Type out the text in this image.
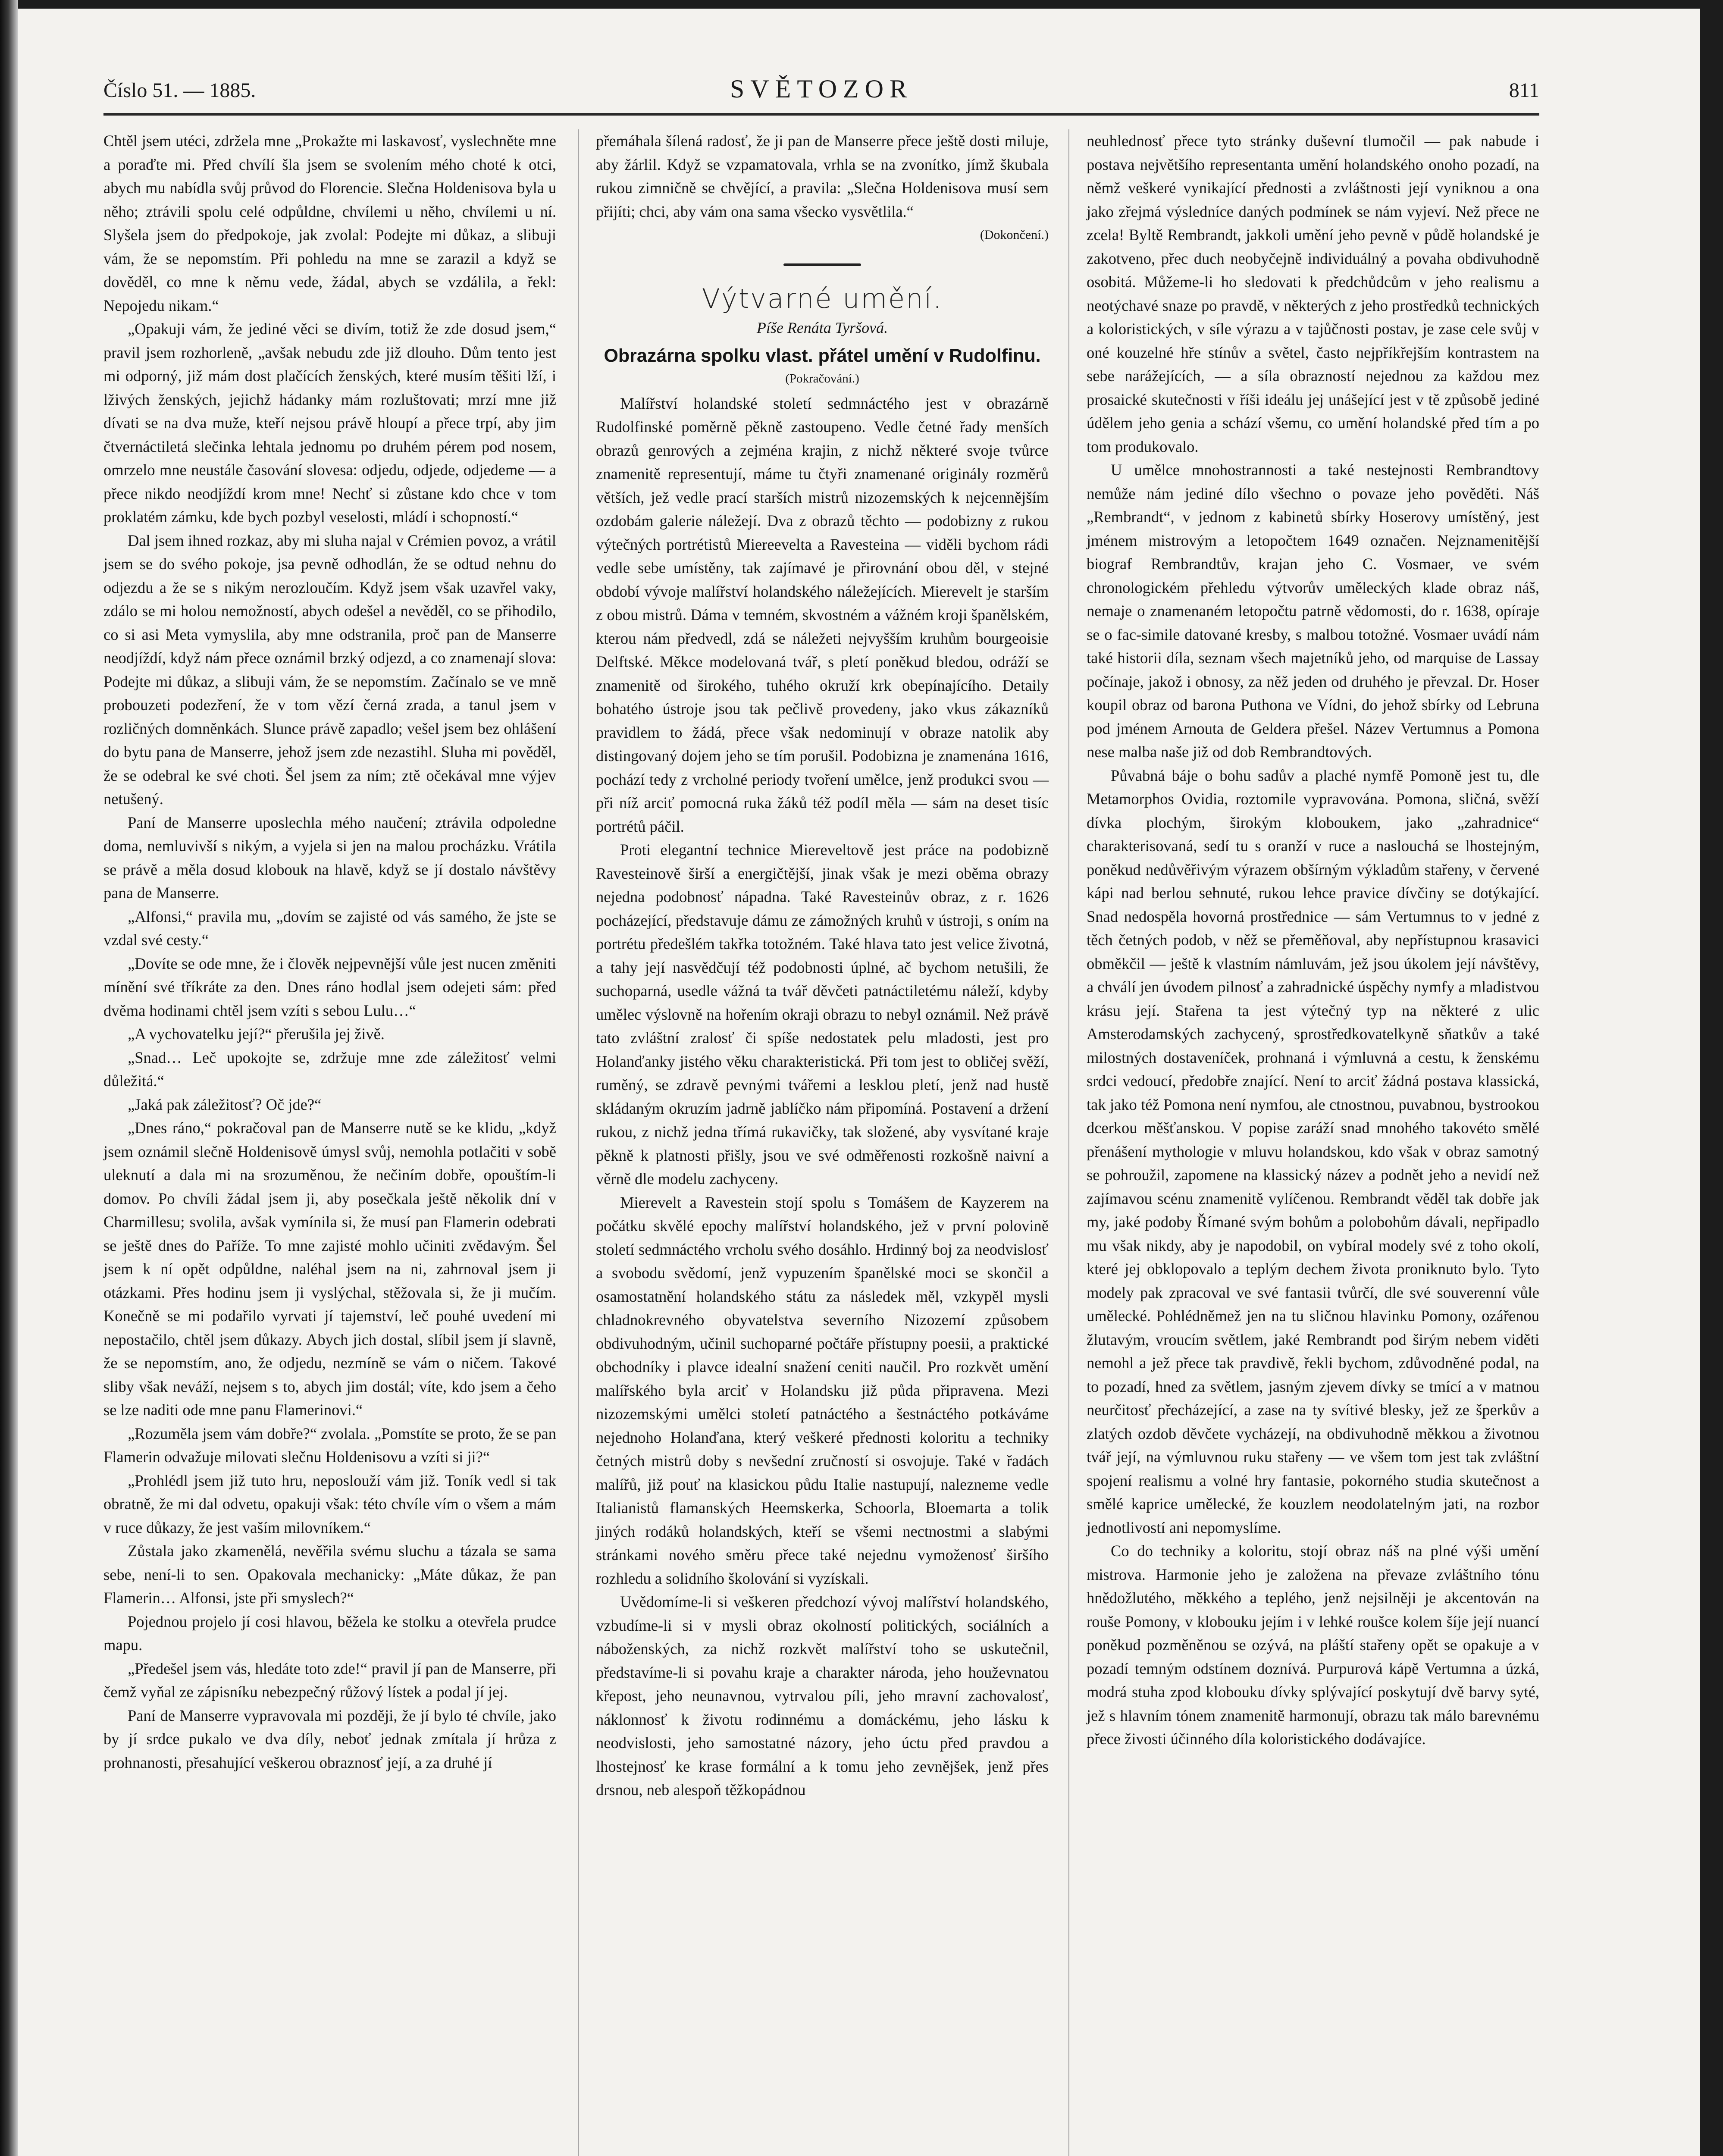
Číslo 51. — 1885.	SVĚTOZOR	811

Chtěl jsem utéci, zdržela mne „Prokažte mi laskavosť, vyslechněte mne a poraďte mi. Před chvílí šla jsem se svolením mého choté k otci, abych mu nabídla svůj průvod do Florencie. Slečna Holdenisova byla u něho; ztrávili spolu celé odpůldne, chvílemi u něho, chvílemi u ní. Slyšela jsem do předpokoje, jak zvolal: Podejte mi důkaz, a slibuji vám, že se nepomstím. Při pohledu na mne se zarazil a když se dověděl, co mne k němu vede, žádal, abych se vzdálila, a řekl: Nepojedu nikam.“

„Opakuji vám, že jediné věci se divím, totiž že zde dosud jsem,“ pravil jsem rozhorleně, „avšak nebudu zde již dlouho. Dům tento jest mi odporný, již mám dost plačících ženských, které musím těšiti lží, i lživých ženských, jejichž hádanky mám rozluštovati; mrzí mne již dívati se na dva muže, kteří nejsou právě hloupí a přece trpí, aby jim čtvernáctiletá slečinka lehtala jednomu po druhém pérem pod nosem, omrzelo mne neustále časování slovesa: odjedu, odjede, odjedeme — a přece nikdo neodjíždí krom mne! Nechť si zůstane kdo chce v tom proklatém zámku, kde bych pozbyl veselosti, mládí i schopností.“

Dal jsem ihned rozkaz, aby mi sluha najal v Crémien povoz, a vrátil jsem se do svého pokoje, jsa pevně odhodlán, že se odtud nehnu do odjezdu a že se s nikým nerozloučím. Když jsem však uzavřel vaky, zdálo se mi holou nemožností, abych odešel a nevěděl, co se přihodilo, co si asi Meta vymyslila, aby mne odstranila, proč pan de Manserre neodjíždí, když nám přece oznámil brzký odjezd, a co znamenají slova: Podejte mi důkaz, a slibuji vám, že se nepomstím. Začínalo se ve mně probouzeti podezření, že v tom vězí černá zrada, a tanul jsem v rozličných domněnkách. Slunce právě zapadlo; vešel jsem bez ohlášení do bytu pana de Manserre, jehož jsem zde nezastihl. Sluha mi pověděl, že se odebral ke své choti. Šel jsem za ním; ztě očekával mne výjev netušený.

Paní de Manserre uposlechla mého naučení; ztrávila odpoledne doma, nemluvivší s nikým, a vyjela si jen na malou procházku. Vrátila se právě a měla dosud klobouk na hlavě, když se jí dostalo návštěvy pana de Manserre.

„Alfonsi,“ pravila mu, „dovím se zajisté od vás samého, že jste se vzdal své cesty.“

„Dovíte se ode mne, že i člověk nejpevnější vůle jest nucen změniti mínění své tříkráte za den. Dnes ráno hodlal jsem odejeti sám: před dvěma hodinami chtěl jsem vzíti s sebou Lulu…“

„A vychovatelku její?“ přerušila jej živě.

„Snad… Leč upokojte se, zdržuje mne zde záležitosť velmi důležitá.“

„Jaká pak záležitosť? Oč jde?“

„Dnes ráno,“ pokračoval pan de Manserre nutě se ke klidu, „když jsem oznámil slečně Holdenisově úmysl svůj, nemohla potlačiti v sobě uleknutí a dala mi na srozuměnou, že nečiním dobře, opouštím-li domov. Po chvíli žádal jsem ji, aby posečkala ještě několik dní v Charmillesu; svolila, avšak vymínila si, že musí pan Flamerin odebrati se ještě dnes do Paříže. To mne zajisté mohlo učiniti zvědavým. Šel jsem k ní opět odpůldne, naléhal jsem na ni, zahrnoval jsem ji otázkami. Přes hodinu jsem ji vyslýchal, stěžovala si, že ji mučím. Konečně se mi podařilo vyrvati jí tajemství, leč pouhé uvedení mi nepostačilo, chtěl jsem důkazy. Abych jich dostal, slíbil jsem jí slavně, že se nepomstím, ano, že odjedu, nezmíně se vám o ničem. Takové sliby však neváží, nejsem s to, abych jim dostál; víte, kdo jsem a čeho se lze naditi ode mne panu Flamerinovi.“

„Rozuměla jsem vám dobře?“ zvolala. „Pomstíte se proto, že se pan Flamerin odvažuje milovati slečnu Holdenisovu a vzíti si ji?“

„Prohlédl jsem již tuto hru, neposlouží vám již. Toník vedl si tak obratně, že mi dal odvetu, opakuji však: této chvíle vím o všem a mám v ruce důkazy, že jest vaším milovníkem.“

Zůstala jako zkamenělá, nevěřila svému sluchu a tázala se sama sebe, není-li to sen. Opakovala mechanicky: „Máte důkaz, že pan Flamerin… Alfonsi, jste při smyslech?“

Pojednou projelo jí cosi hlavou, běžela ke stolku a otevřela prudce mapu.

„Předešel jsem vás, hledáte toto zde!“ pravil jí pan de Manserre, při čemž vyňal ze zápisníku nebezpečný růžový lístek a podal jí jej.

Paní de Manserre vypravovala mi později, že jí bylo té chvíle, jako by jí srdce pukalo ve dva díly, neboť jednak zmítala jí hrůza z prohnanosti, přesahující veškerou obraznosť její, a za druhé jí

přemáhala šílená radosť, že ji pan de Manserre přece ještě dosti miluje, aby žárlil. Když se vzpamatovala, vrhla se na zvonítko, jímž škubala rukou zimničně se chvějící, a pravila: „Slečna Holdenisova musí sem přijíti; chci, aby vám ona sama všecko vysvětlila.“

(Dokončení.)
Výtvarné umění.
Píše Renáta Tyršová.
Obrazárna spolku vlast. přátel umění v Rudolfinu.
(Pokračování.)

Malířství holandské století sedmnáctého jest v obrazárně Rudolfinské poměrně pěkně zastoupeno. Vedle četné řady menších obrazů genrových a zejména krajin, z nichž některé svoje tvůrce znamenitě representují, máme tu čtyři znamenané originály rozměrů větších, jež vedle prací starších mistrů nizozemských k nejcennějším ozdobám galerie náležejí. Dva z obrazů těchto — podobizny z rukou výtečných portrétistů Miereevelta a Ravesteina — viděli bychom rádi vedle sebe umístěny, tak zajímavé je přirovnání obou děl, v stejné období vývoje malířství holandského náležejících. Mierevelt je starším z obou mistrů. Dáma v temném, skvostném a vážném kroji španělském, kterou nám předvedl, zdá se náležeti nejvyšším kruhům bourgeoisie Delftské. Měkce modelovaná tvář, s pletí poněkud bledou, odráží se znamenitě od širokého, tuhého okruží krk obepínajícího. Detaily bohatého ústroje jsou tak pečlivě provedeny, jako vkus zákazníků pravidlem to žádá, přece však nedominují v obraze natolik aby distingovaný dojem jeho se tím porušil. Podobizna je znamenána 1616, pochází tedy z vrcholné periody tvoření umělce, jenž produkci svou — při níž arciť pomocná ruka žáků též podíl měla — sám na deset tisíc portrétů páčil.

Proti elegantní technice Miereveltově jest práce na podobizně Ravesteinově širší a energičtější, jinak však je mezi oběma obrazy nejedna podobnosť nápadna. Také Ravesteinův obraz, z r. 1626 pocházející, představuje dámu ze zámožných kruhů v ústroji, s oním na portrétu předešlém takřka totožném. Také hlava tato jest velice životná, a tahy její nasvědčují též podobnosti úplné, ač bychom netušili, že suchoparná, usedle vážná ta tvář děvčeti patnáctiletému náleží, kdyby umělec výslovně na hořením okraji obrazu to nebyl oznámil. Než právě tato zvláštní zralosť či spíše nedostatek pelu mladosti, jest pro Holanďanky jistého věku charakteristická. Při tom jest to obličej svěží, ruměný, se zdravě pevnými tvářemi a lesklou pletí, jenž nad hustě skládaným okruzím jadrně jablíčko nám připomíná. Postavení a držení rukou, z nichž jedna třímá rukavičky, tak složené, aby vysvítané kraje pěkně k platnosti přišly, jsou ve své odměřenosti rozkošně naivní a věrně dle modelu zachyceny.

Mierevelt a Ravestein stojí spolu s Tomášem de Kayzerem na počátku skvělé epochy malířství holandského, jež v první polovině století sedmnáctého vrcholu svého dosáhlo. Hrdinný boj za neodvislosť a svobodu svědomí, jenž vypuzením španělské moci se skončil a osamostatnění holandského státu za následek měl, vzkypěl mysli chladnokrevného obyvatelstva severního Nizozemí způsobem obdivuhodným, učinil suchoparné počtáře přístupny poesii, a praktické obchodníky i plavce idealní snažení ceniti naučil. Pro rozkvět umění malířského byla arciť v Holandsku již půda připravena. Mezi nizozemskými umělci století patnáctého a šestnáctého potkáváme nejednoho Holanďana, který veškeré přednosti koloritu a techniky četných mistrů doby s nevšední zručností si osvojuje. Také v řadách malířů, již pouť na klasickou půdu Italie nastupují, nalezneme vedle Italianistů flamanských Heemskerka, Schoorla, Bloemarta a tolik jiných rodáků holandských, kteří se všemi nectnostmi a slabými stránkami nového směru přece také nejednu vymoženosť širšího rozhledu a solidního školování si vyzískali.

Uvědomíme-li si veškeren předchozí vývoj malířství holandského, vzbudíme-li si v mysli obraz okolností politických, sociálních a náboženských, za nichž rozkvět malířství toho se uskutečnil, představíme-li si povahu kraje a charakter národa, jeho houževnatou křepost, jeho neunavnou, vytrvalou píli, jeho mravní zachovalosť, náklonnosť k životu rodinnému a domáckému, jeho lásku k neodvislosti, jeho samostatné názory, jeho úctu před pravdou a lhostejnosť ke krase formální a k tomu jeho zevnějšek, jenž přes drsnou, neb alespoň těžkopádnou

neuhlednosť přece tyto stránky duševní tlumočil — pak nabude i postava největšího representanta umění holandského onoho pozadí, na němž veškeré vynikající přednosti a zvláštnosti její vyniknou a ona jako zřejmá výsledníce daných podmínek se nám vyjeví. Než přece ne zcela! Byltě Rembrandt, jakkoli umění jeho pevně v půdě holandské je zakotveno, přec duch neobyčejně individuálný a povaha obdivuhodně osobitá. Můžeme-li ho sledovati k předchůdcům v jeho realismu a neotýchavé snaze po pravdě, v některých z jeho prostředků technických a koloristických, v síle výrazu a v tajůčnosti postav, je zase cele svůj v oné kouzelné hře stínův a světel, často nejpříkřejším kontrastem na sebe narážejících, — a síla obrazností nejednou za každou mez prosaické skutečnosti v říši ideálu jej unášející jest v tě způsobě jediné údělem jeho genia a schází všemu, co umění holandské před tím a po tom produkovalo.

U umělce mnohostrannosti a také nestejnosti Rembrandtovy nemůže nám jediné dílo všechno o povaze jeho pověděti. Náš „Rembrandt“, v jednom z kabinetů sbírky Hoserovy umístěný, jest jménem mistrovým a letopočtem 1649 označen. Nejznamenitější biograf Rembrandtův, krajan jeho C. Vosmaer, ve svém chronologickém přehledu výtvorův uměleckých klade obraz náš, nemaje o znamenaném letopočtu patrně vědomosti, do r. 1638, opíraje se o fac-simile datované kresby, s malbou totožné. Vosmaer uvádí nám také historii díla, seznam všech majetníků jeho, od marquise de Lassay počínaje, jakož i obnosy, za něž jeden od druhého je převzal. Dr. Hoser koupil obraz od barona Puthona ve Vídni, do jehož sbírky od Lebruna pod jménem Arnouta de Geldera přešel. Název Vertumnus a Pomona nese malba naše již od dob Rembrandtových.

Půvabná báje o bohu sadův a plaché nymfě Pomoně jest tu, dle Metamorphos Ovidia, roztomile vypravována. Pomona, sličná, svěží dívka plochým, širokým kloboukem, jako „zahradnice“ charakterisovaná, sedí tu s oranží v ruce a naslouchá se lhostejným, poněkud nedůvěřivým výrazem obšírným výkladům stařeny, v červené kápi nad berlou sehnuté, rukou lehce pravice dívčiny se dotýkající. Snad nedospěla hovorná prostřednice — sám Vertumnus to v jedné z těch četných podob, v něž se přeměňoval, aby nepřístupnou krasavici obměkčil — ještě k vlastním námluvám, jež jsou úkolem její návštěvy, a chválí jen úvodem pilnosť a zahradnické úspěchy nymfy a mladistvou krásu její. Stařena ta jest výtečný typ na některé z ulic Amsterodamských zachycený, sprostředkovatelkyně sňatkův a také milostných dostaveníček, prohnaná i výmluvná a cestu, k ženskému srdci vedoucí, předobře znající. Není to arciť žádná postava klassická, tak jako též Pomona není nymfou, ale ctnostnou, puvabnou, bystrookou dcerkou měšťanskou. V popise zaráží snad mnohého takovéto smělé přenášení mythologie v mluvu holandskou, kdo však v obraz samotný se pohroužil, zapomene na klassický název a podnět jeho a nevidí než zajímavou scénu znamenitě vylíčenou. Rembrandt věděl tak dobře jak my, jaké podoby Římané svým bohům a polobohům dávali, nepřipadlo mu však nikdy, aby je napodobil, on vybíral modely své z toho okolí, které jej obklopovalo a teplým dechem života proniknuto bylo. Tyto modely pak zpracoval ve své fantasii tvůrčí, dle své souverenní vůle umělecké. Pohlédněmež jen na tu sličnou hlavinku Pomony, ozářenou žlutavým, vroucím světlem, jaké Rembrandt pod širým nebem viděti nemohl a jež přece tak pravdivě, řekli bychom, zdůvodněné podal, na to pozadí, hned za světlem, jasným zjevem dívky se tmící a v matnou neurčitosť přecházející, a zase na ty svítivé blesky, jež ze šperkův a zlatých ozdob děvčete vycházejí, na obdivuhodně měkkou a životnou tvář její, na výmluvnou ruku stařeny — ve všem tom jest tak zvláštní spojení realismu a volné hry fantasie, pokorného studia skutečnost a smělé kaprice umělecké, že kouzlem neodolatelným jati, na rozbor jednotlivostí ani nepomyslíme.

Co do techniky a koloritu, stojí obraz náš na plné výši umění mistrova. Harmonie jeho je založena na převaze zvláštního tónu hnědožlutého, měkkého a teplého, jenž nejsilněji je akcentován na rouše Pomony, v klobouku jejím i v lehké roušce kolem šíje její nuancí poněkud pozměněnou se ozývá, na pláští stařeny opět se opakuje a v pozadí temným odstínem doznívá. Purpurová kápě Vertumna a úzká, modrá stuha zpod klobouku dívky splývající poskytují dvě barvy syté, jež s hlavním tónem znamenitě harmonují, obrazu tak málo barevnému přece živosti účinného díla koloristického dodávajíce.
